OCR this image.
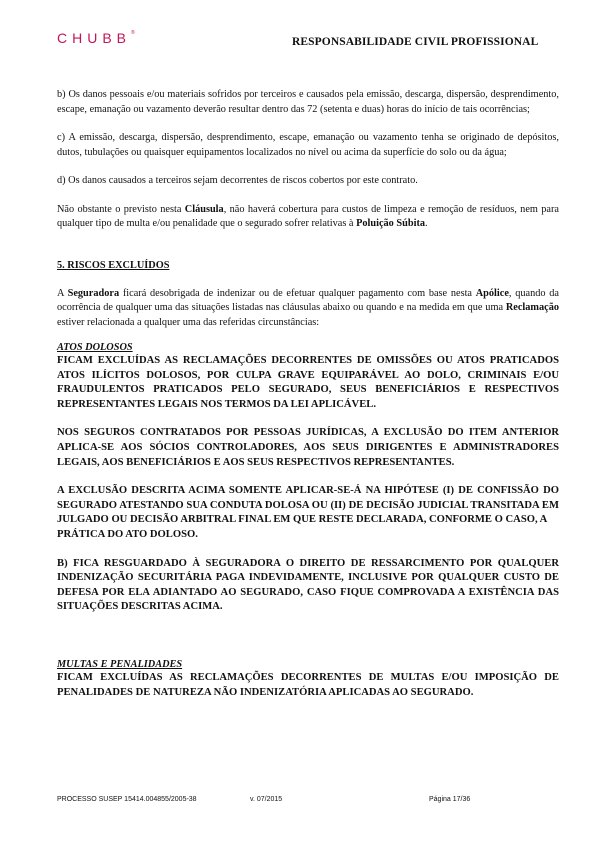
CHUBB®
RESPONSABILIDADE CIVIL PROFISSIONAL

b) Os danos pessoais e/ou materiais sofridos por terceiros e causados pela emissão, descarga, dispersão, desprendimento, escape, emanação ou vazamento deverão resultar dentro das 72 (setenta e duas) horas do início de tais ocorrências;

c) A emissão, descarga, dispersão, desprendimento, escape, emanação ou vazamento tenha se originado de depósitos, dutos, tubulações ou quaisquer equipamentos localizados no nível ou acima da superfície do solo ou da água;

d) Os danos causados a terceiros sejam decorrentes de riscos cobertos por este contrato.

Não obstante o previsto nesta Cláusula, não haverá cobertura para custos de limpeza e remoção de resíduos, nem para qualquer tipo de multa e/ou penalidade que o segurado sofrer relativas à Poluição Súbita.

5. RISCOS EXCLUÍDOS

A Seguradora ficará desobrigada de indenizar ou de efetuar qualquer pagamento com base nesta Apólice, quando da ocorrência de qualquer uma das situações listadas nas cláusulas abaixo ou quando e na medida em que uma Reclamação estiver relacionada a qualquer uma das referidas circunstâncias:

ATOS DOLOSOS

FICAM EXCLUÍDAS AS RECLAMAÇÕES DECORRENTES DE OMISSÕES OU ATOS PRATICADOS ATOS ILÍCITOS DOLOSOS, POR CULPA GRAVE EQUIPARÁVEL AO DOLO, CRIMINAIS E/OU FRAUDULENTOS PRATICADOS PELO SEGURADO, SEUS BENEFICIÁRIOS E RESPECTIVOS REPRESENTANTES LEGAIS NOS TERMOS DA LEI APLICÁVEL.

NOS SEGUROS CONTRATADOS POR PESSOAS JURÍDICAS, A EXCLUSÃO DO ITEM ANTERIOR APLICA-SE AOS SÓCIOS CONTROLADORES, AOS SEUS DIRIGENTES E ADMINISTRADORES LEGAIS, AOS BENEFICIÁRIOS E AOS SEUS RESPECTIVOS REPRESENTANTES.

A EXCLUSÃO DESCRITA ACIMA SOMENTE APLICAR-SE-Á NA HIPÓTESE (I) DE CONFISSÃO DO SEGURADO ATESTANDO SUA CONDUTA DOLOSA OU (II) DE DECISÃO JUDICIAL TRANSITADA EM JULGADO OU DECISÃO ARBITRAL FINAL EM QUE RESTE DECLARADA, CONFORME O CASO, A
PRÁTICA DO ATO DOLOSO.

B) FICA RESGUARDADO À SEGURADORA O DIREITO DE RESSARCIMENTO POR QUALQUER INDENIZAÇÃO SECURITÁRIA PAGA INDEVIDAMENTE, INCLUSIVE POR QUALQUER CUSTO DE DEFESA POR ELA ADIANTADO AO SEGURADO, CASO FIQUE COMPROVADA A EXISTÊNCIA DAS SITUAÇÕES DESCRITAS ACIMA.

MULTAS E PENALIDADES

FICAM EXCLUÍDAS AS RECLAMAÇÕES DECORRENTES DE MULTAS E/OU IMPOSIÇÃO DE PENALIDADES DE NATUREZA NÃO INDENIZATÓRIA APLICADAS AO SEGURADO.

PROCESSO SUSEP 15414.004855/2005-38	v. 07/2015	Página 17/36
